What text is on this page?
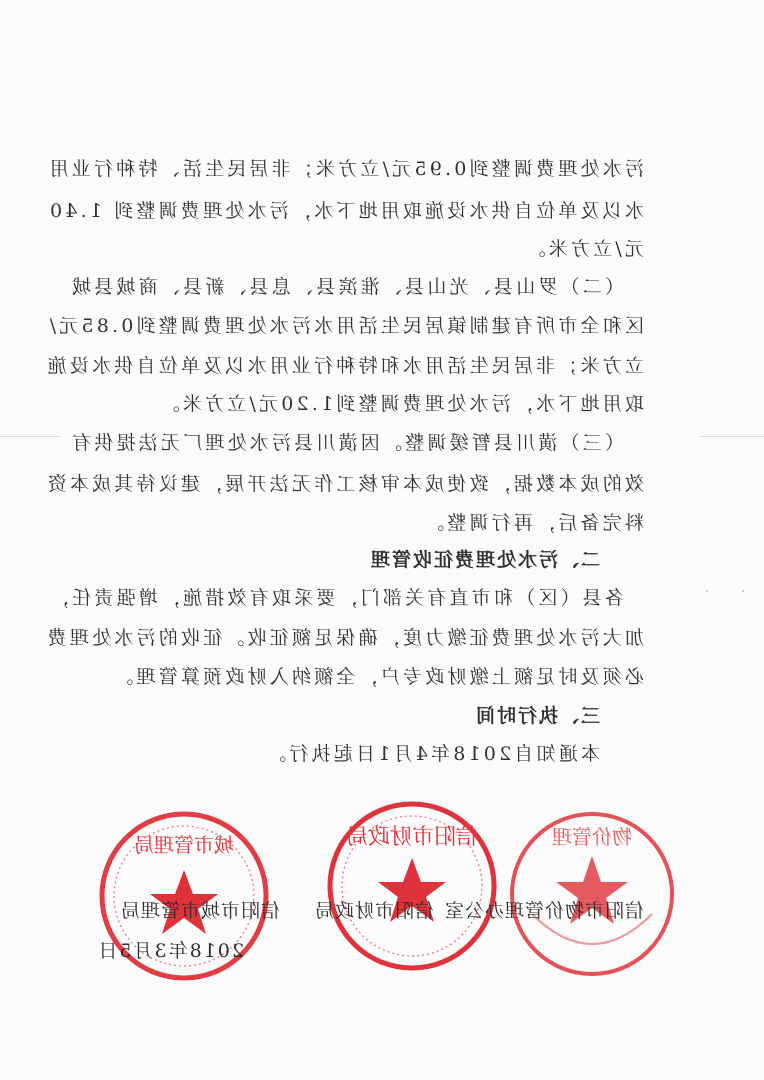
污水处理费调整到0.95元/立方米；非居民生活、特种行业用
水以及单位自供水设施取用地下水，污水处理费调整到 1.40
元/立方米。
（二）罗山县、光山县、淮滨县、息县、新县、商城县城
区和全市所有建制镇居民生活用水污水处理费调整到0.85元/
立方米；非居民生活用水和特种行业用水以及单位自供水设施
取用地下水，污水处理费调整到1.20元/立方米。
（三）潢川县暂缓调整。因潢川县污水处理厂无法提供有
效的成本数据，致使成本审核工作无法开展，建议待其成本资
料完备后，再行调整。
二、污水处理费征收管理
各县（区）和市直有关部门，要采取有效措施，增强责任，
加大污水处理费征缴力度，确保足额征收。征收的污水处理费
必须及时足额上缴财政专户，全额纳入财政预算管理。
三、执行时间
本通知自2018年4月1日起执行。
物价管理
信阳市财政局
城市管理局
信阳市物价管理办公室
信阳市财政局
信阳市城市管理局
2018年3月5日
